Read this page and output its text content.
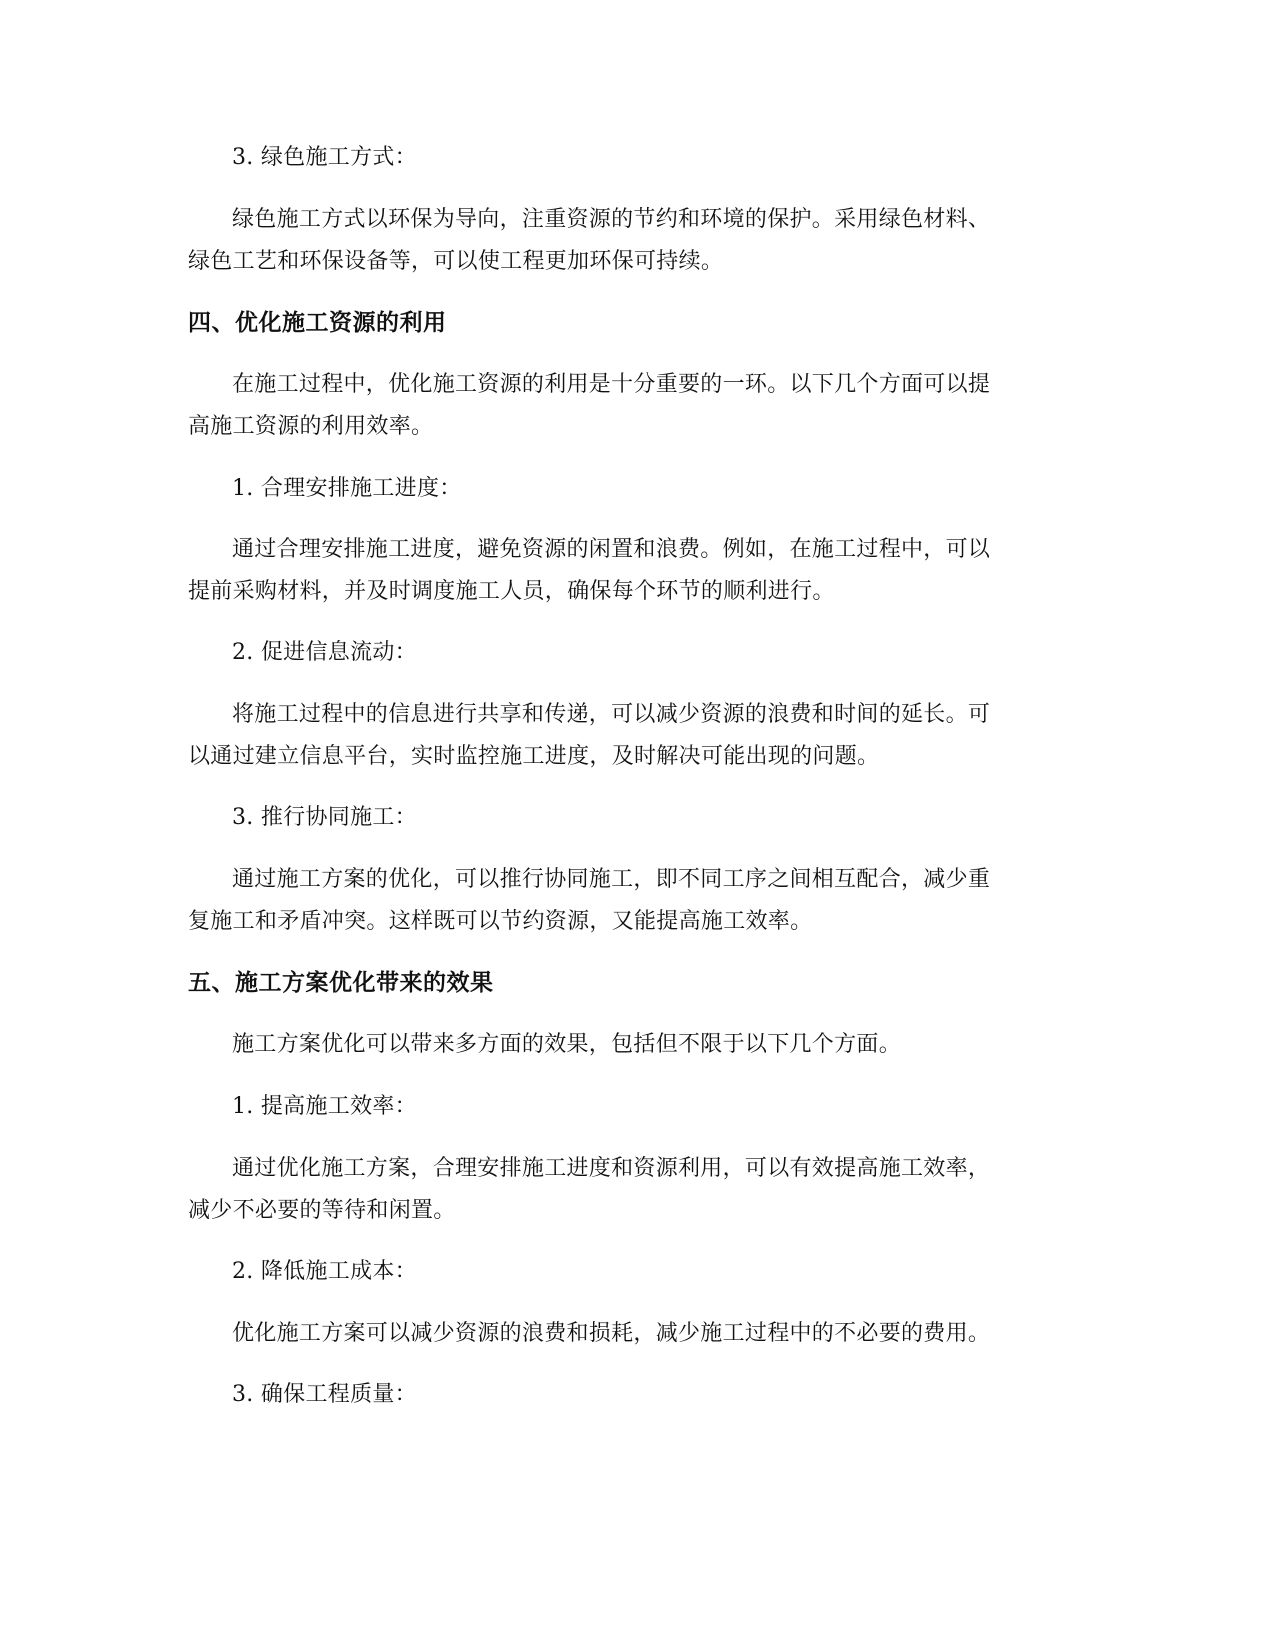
3. 绿色施工方式：
绿色施工方式以环保为导向，注重资源的节约和环境的保护。采用绿色材料、
绿色工艺和环保设备等，可以使工程更加环保可持续。
四、优化施工资源的利用
在施工过程中，优化施工资源的利用是十分重要的一环。以下几个方面可以提
高施工资源的利用效率。
1. 合理安排施工进度：
通过合理安排施工进度，避免资源的闲置和浪费。例如，在施工过程中，可以
提前采购材料，并及时调度施工人员，确保每个环节的顺利进行。
2. 促进信息流动：
将施工过程中的信息进行共享和传递，可以减少资源的浪费和时间的延长。可
以通过建立信息平台，实时监控施工进度，及时解决可能出现的问题。
3. 推行协同施工：
通过施工方案的优化，可以推行协同施工，即不同工序之间相互配合，减少重
复施工和矛盾冲突。这样既可以节约资源，又能提高施工效率。
五、施工方案优化带来的效果
施工方案优化可以带来多方面的效果，包括但不限于以下几个方面。
1. 提高施工效率：
通过优化施工方案，合理安排施工进度和资源利用，可以有效提高施工效率，
减少不必要的等待和闲置。
2. 降低施工成本：
优化施工方案可以减少资源的浪费和损耗，减少施工过程中的不必要的费用。
3. 确保工程质量：
